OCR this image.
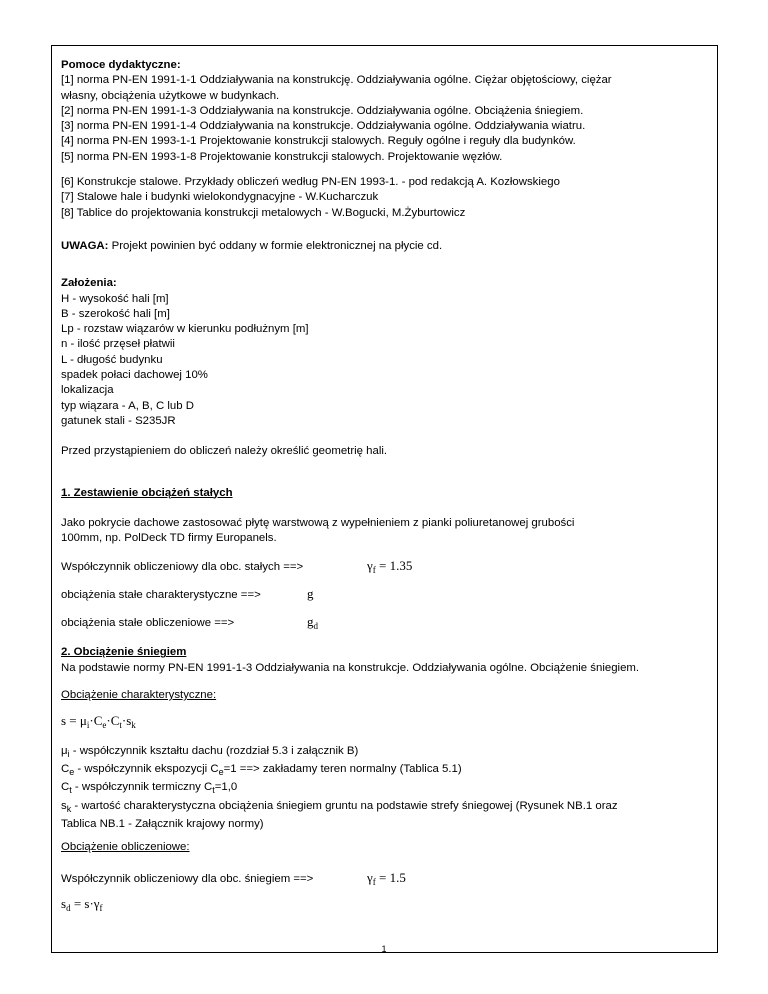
Pomoce dydaktyczne:

[1] norma PN-EN 1991-1-1 Oddziaływania na konstrukcję. Oddziaływania ogólne. Ciężar objętościowy, ciężar

własny, obciążenia użytkowe w budynkach.

[2] norma PN-EN 1991-1-3 Oddziaływania na konstrukcje. Oddziaływania ogólne. Obciążenia śniegiem.

[3] norma PN-EN 1991-1-4 Oddziaływania na konstrukcje. Oddziaływania ogólne. Oddziaływania wiatru.

[4] norma PN-EN 1993-1-1 Projektowanie konstrukcji stalowych. Reguły ogólne i reguły dla budynków.

[5] norma PN-EN 1993-1-8 Projektowanie konstrukcji stalowych. Projektowanie węzłów.

[6] Konstrukcje stalowe. Przykłady obliczeń według PN-EN 1993-1. - pod redakcją A. Kozłowskiego

[7] Stalowe hale i budynki wielokondygnacyjne - W.Kucharczuk

[8] Tablice do projektowania konstrukcji metalowych - W.Bogucki, M.Żyburtowicz

UWAGA: Projekt powinien być oddany w formie elektronicznej na płycie cd.

Założenia:

H - wysokość hali [m]

B - szerokość hali [m]

Lp - rozstaw wiązarów w kierunku podłużnym [m]

n - ilość przęseł płatwii

L - długość budynku

spadek połaci dachowej 10%

lokalizacja

typ wiązara - A, B, C lub D

gatunek stali - S235JR

Przed przystąpieniem do obliczeń należy określić geometrię hali.

1. Zestawienie obciążeń stałych

Jako pokrycie dachowe zastosować płytę warstwową z wypełnieniem z pianki poliuretanowej grubości

100mm, np. PolDeck TD firmy Europanels.

Współczynnik obliczeniowy dla obc. stałych ==>	$\gamma_f = 1.35$
obciążenia stałe charakterystyczne ==>	g
obciążenia stałe obliczeniowe ==>	$g_d$

2. Obciążenie śniegiem

Na podstawie normy PN-EN 1991-1-3 Oddziaływania na konstrukcje. Oddziaływania ogólne. Obciążenie śniegiem.

Obciążenie charakterystyczne:

$s = \mu_i\cdot C_e\cdot C_t\cdot s_k$

$\mu_i$ - współczynnik kształtu dachu (rozdział 5.3 i załącznik B)

$C_e$ - współczynnik ekspozycji $C_e=1$ ==> zakładamy teren normalny (Tablica 5.1)

$C_t$ - współczynnik termiczny $C_t=1,0$

$s_k$ - wartość charakterystyczna obciążenia śniegiem gruntu na podstawie strefy śniegowej (Rysunek NB.1 oraz

Tablica NB.1 - Załącznik krajowy normy)

Obciążenie obliczeniowe:

Współczynnik obliczeniowy dla obc. śniegiem ==>	$\gamma_f = 1.5$

$s_d = s\cdot\gamma_f$

1
